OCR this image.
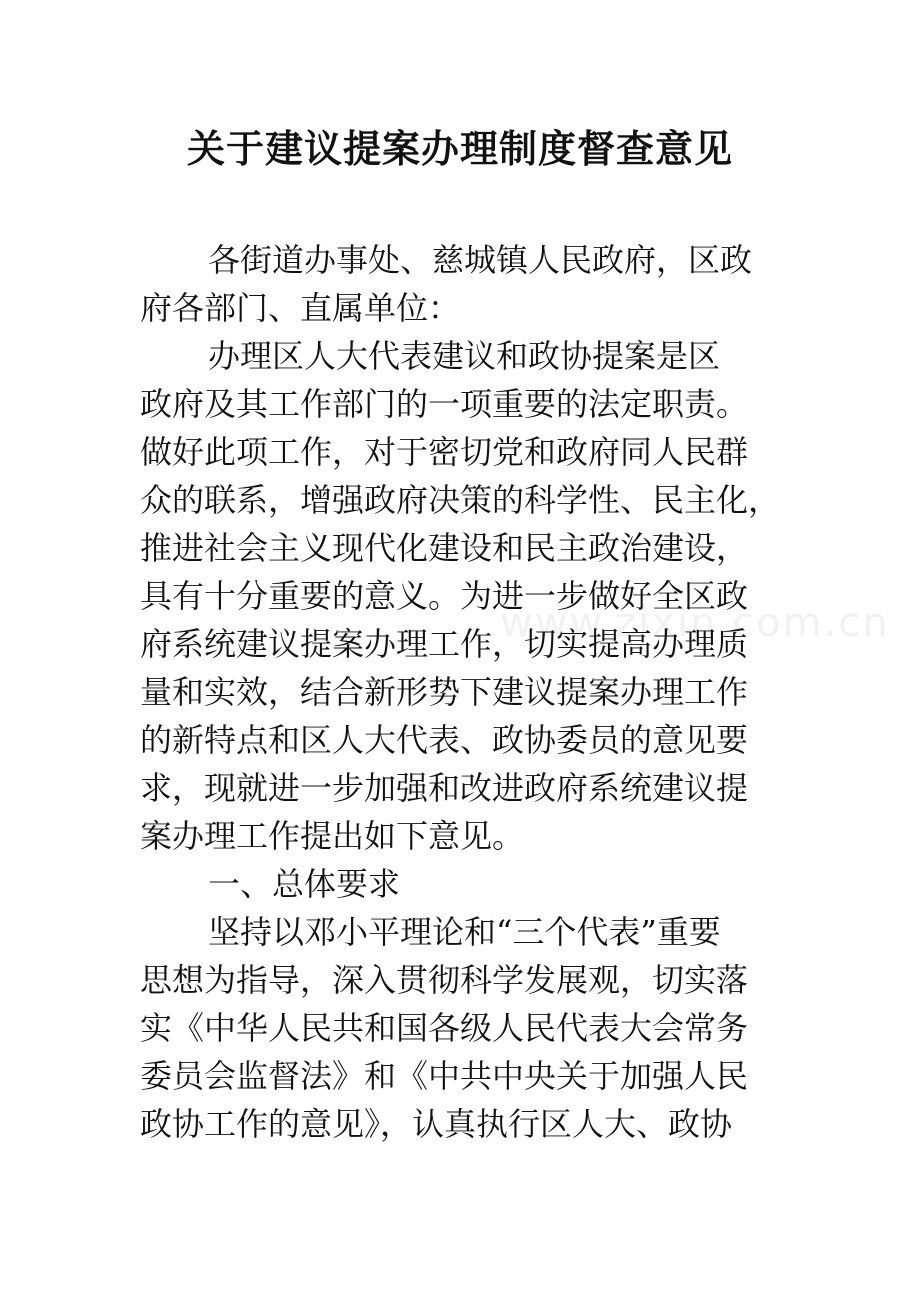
关于建议提案办理制度督查意见
www.zixin.com.cn
各街道办事处、慈城镇人民政府，区政
府各部门、直属单位：
办理区人大代表建议和政协提案是区
政府及其工作部门的一项重要的法定职责。
做好此项工作，对于密切党和政府同人民群
众的联系，增强政府决策的科学性、民主化，
推进社会主义现代化建设和民主政治建设，
具有十分重要的意义。为进一步做好全区政
府系统建议提案办理工作，切实提高办理质
量和实效，结合新形势下建议提案办理工作
的新特点和区人大代表、政协委员的意见要
求，现就进一步加强和改进政府系统建议提
案办理工作提出如下意见。
一、总体要求
坚持以邓小平理论和“三个代表”重要
思想为指导，深入贯彻科学发展观，切实落
实《中华人民共和国各级人民代表大会常务
委员会监督法》和《中共中央关于加强人民
政协工作的意见》，认真执行区人大、政协
